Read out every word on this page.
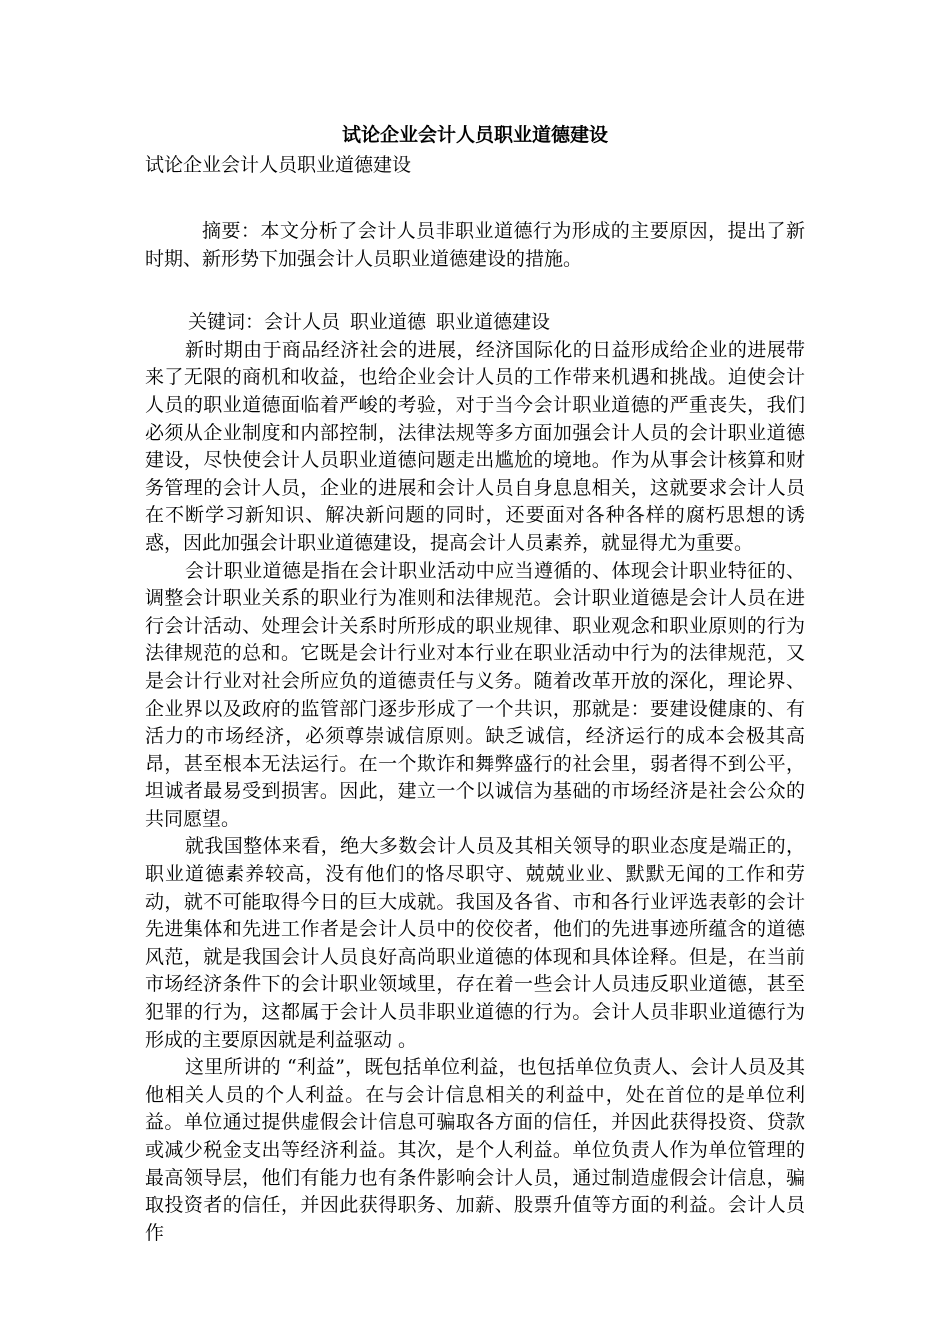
试论企业会计人员职业道德建设

试论企业会计人员职业道德建设

摘要：本文分析了会计人员非职业道德行为形成的主要原因，提出了新时期、新形势下加强会计人员职业道德建设的措施。

关键词：会计人员 职业道德 职业道德建设

新时期由于商品经济社会的进展，经济国际化的日益形成给企业的进展带来了无限的商机和收益，也给企业会计人员的工作带来机遇和挑战。迫使会计人员的职业道德面临着严峻的考验，对于当今会计职业道德的严重丧失，我们必须从企业制度和内部控制，法律法规等多方面加强会计人员的会计职业道德建设，尽快使会计人员职业道德问题走出尴尬的境地。作为从事会计核算和财务管理的会计人员，企业的进展和会计人员自身息息相关，这就要求会计人员在不断学习新知识、解决新问题的同时，还要面对各种各样的腐朽思想的诱惑，因此加强会计职业道德建设，提高会计人员素养，就显得尤为重要。

会计职业道德是指在会计职业活动中应当遵循的、体现会计职业特征的、调整会计职业关系的职业行为准则和法律规范。会计职业道德是会计人员在进行会计活动、处理会计关系时所形成的职业规律、职业观念和职业原则的行为法律规范的总和。它既是会计行业对本行业在职业活动中行为的法律规范，又是会计行业对社会所应负的道德责任与义务。随着改革开放的深化，理论界、企业界以及政府的监管部门逐步形成了一个共识，那就是：要建设健康的、有活力的市场经济，必须尊崇诚信原则。缺乏诚信，经济运行的成本会极其高昂，甚至根本无法运行。在一个欺诈和舞弊盛行的社会里，弱者得不到公平，坦诚者最易受到损害。因此，建立一个以诚信为基础的市场经济是社会公众的共同愿望。

就我国整体来看，绝大多数会计人员及其相关领导的职业态度是端正的，职业道德素养较高，没有他们的恪尽职守、兢兢业业、默默无闻的工作和劳动，就不可能取得今日的巨大成就。我国及各省、市和各行业评选表彰的会计先进集体和先进工作者是会计人员中的佼佼者，他们的先进事迹所蕴含的道德风范，就是我国会计人员良好高尚职业道德的体现和具体诠释。但是，在当前市场经济条件下的会计职业领域里，存在着一些会计人员违反职业道德，甚至犯罪的行为，这都属于会计人员非职业道德的行为。会计人员非职业道德行为形成的主要原因就是利益驱动 。

这里所讲的 “利益”，既包括单位利益，也包括单位负责人、会计人员及其他相关人员的个人利益。在与会计信息相关的利益中，处在首位的是单位利益。单位通过提供虚假会计信息可骗取各方面的信任，并因此获得投资、贷款或减少税金支出等经济利益。其次，是个人利益。单位负责人作为单位管理的最高领导层，他们有能力也有条件影响会计人员，通过制造虚假会计信息，骗取投资者的信任，并因此获得职务、加薪、股票升值等方面的利益。会计人员作
